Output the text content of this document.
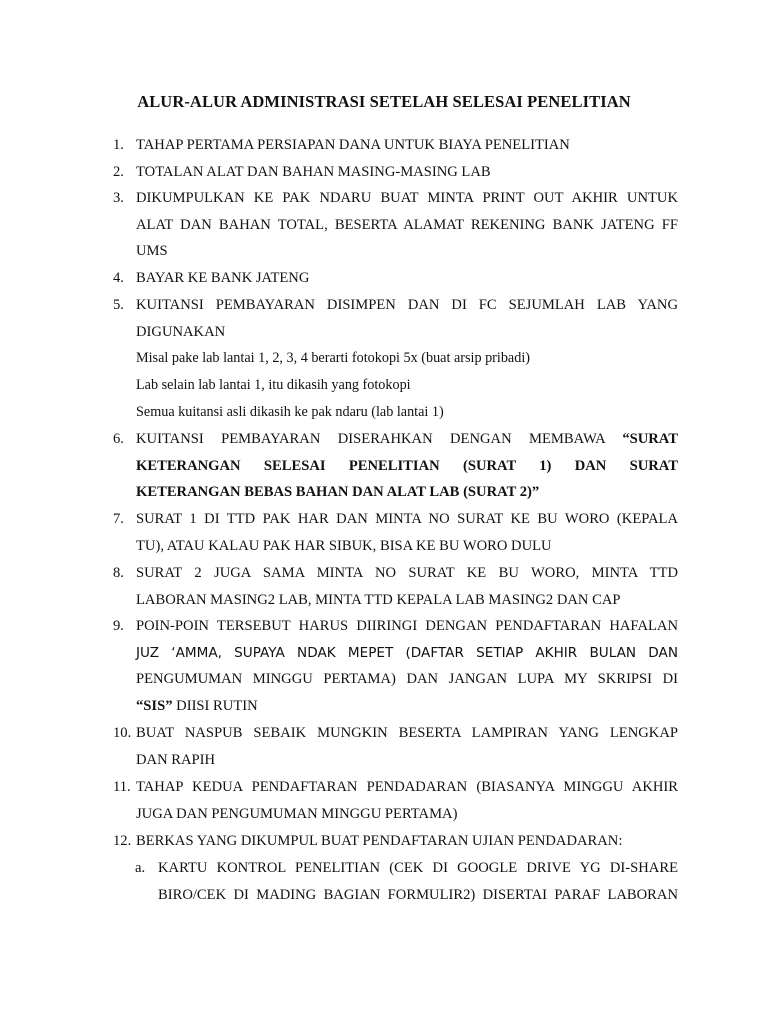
ALUR-ALUR ADMINISTRASI SETELAH SELESAI PENELITIAN
1. TAHAP PERTAMA PERSIAPAN DANA UNTUK BIAYA PENELITIAN
2. TOTALAN ALAT DAN BAHAN MASING-MASING LAB
3. DIKUMPULKAN KE PAK NDARU BUAT MINTA PRINT OUT AKHIR UNTUK
ALAT DAN BAHAN TOTAL, BESERTA ALAMAT REKENING BANK JATENG FF
UMS
4. BAYAR KE BANK JATENG
5. KUITANSI PEMBAYARAN DISIMPEN DAN DI FC SEJUMLAH LAB YANG
DIGUNAKAN
Misal pake lab lantai 1, 2, 3, 4 berarti fotokopi 5x (buat arsip pribadi)
Lab selain lab lantai 1, itu dikasih yang fotokopi
Semua kuitansi asli dikasih ke pak ndaru (lab lantai 1)
6. KUITANSI PEMBAYARAN DISERAHKAN DENGAN MEMBAWA “SURAT
KETERANGAN SELESAI PENELITIAN (SURAT 1) DAN SURAT
KETERANGAN BEBAS BAHAN DAN ALAT LAB (SURAT 2)”
7. SURAT 1 DI TTD PAK HAR DAN MINTA NO SURAT KE BU WORO (KEPALA
TU), ATAU KALAU PAK HAR SIBUK, BISA KE BU WORO DULU
8. SURAT 2 JUGA SAMA MINTA NO SURAT KE BU WORO, MINTA TTD
LABORAN MASING2 LAB, MINTA TTD KEPALA LAB MASING2 DAN CAP
9. POIN-POIN TERSEBUT HARUS DIIRINGI DENGAN PENDAFTARAN HAFALAN
JUZ ‘AMMA, SUPAYA NDAK MEPET (DAFTAR SETIAP AKHIR BULAN DAN
PENGUMUMAN MINGGU PERTAMA) DAN JANGAN LUPA MY SKRIPSI DI
“SIS” DIISI RUTIN
10. BUAT NASPUB SEBAIK MUNGKIN BESERTA LAMPIRAN YANG LENGKAP
DAN RAPIH
11. TAHAP KEDUA PENDAFTARAN PENDADARAN (BIASANYA MINGGU AKHIR
JUGA DAN PENGUMUMAN MINGGU PERTAMA)
12. BERKAS YANG DIKUMPUL BUAT PENDAFTARAN UJIAN PENDADARAN:
a. KARTU KONTROL PENELITIAN (CEK DI GOOGLE DRIVE YG DI-SHARE
BIRO/CEK DI MADING BAGIAN FORMULIR2) DISERTAI PARAF LABORAN
